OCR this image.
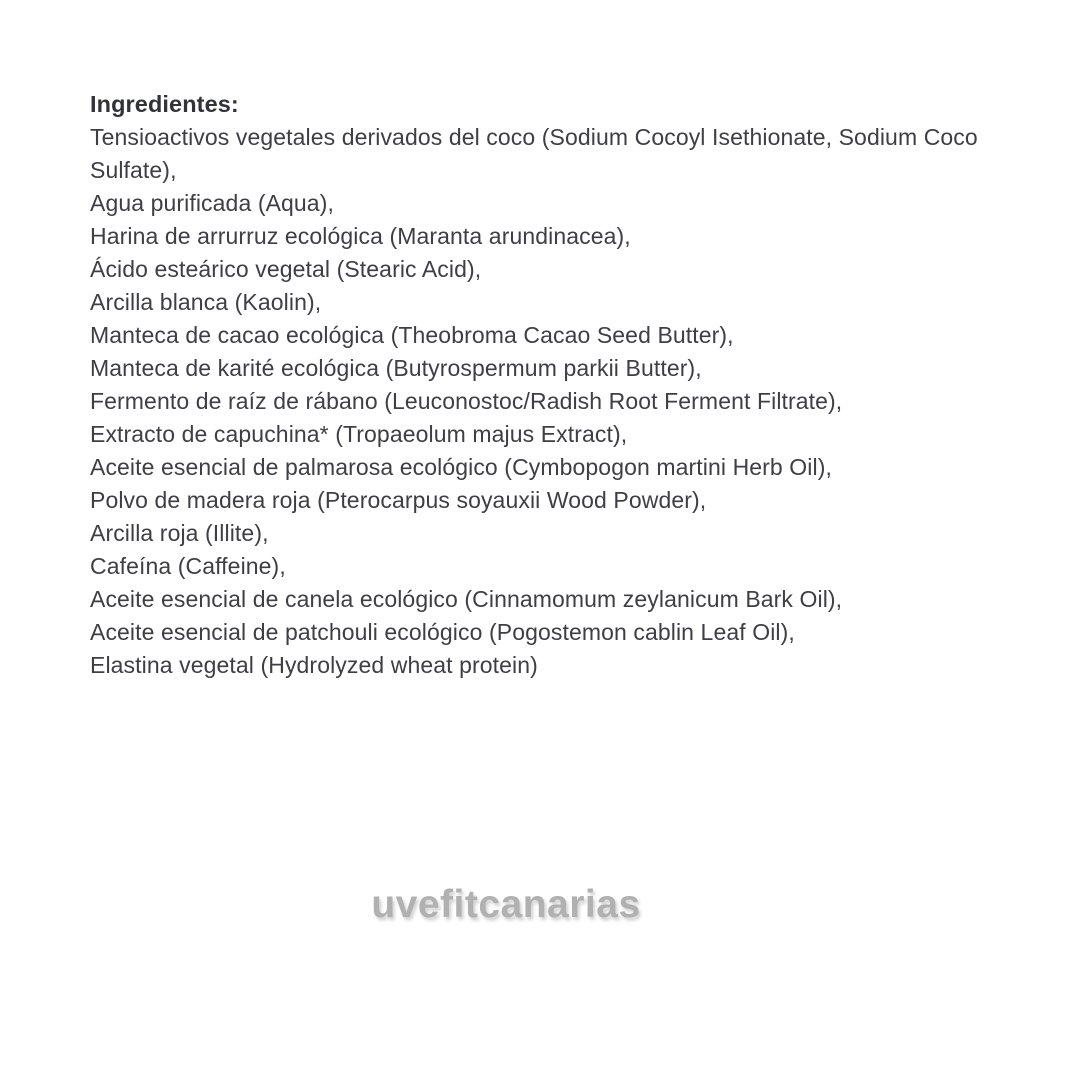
Ingredientes:
Tensioactivos vegetales derivados del coco (Sodium Cocoyl Isethionate, Sodium Coco
Sulfate),
Agua purificada (Aqua),
Harina de arrurruz ecológica (Maranta arundinacea),
Ácido esteárico vegetal (Stearic Acid),
Arcilla blanca (Kaolin),
Manteca de cacao ecológica (Theobroma Cacao Seed Butter),
Manteca de karité ecológica (Butyrospermum parkii Butter),
Fermento de raíz de rábano (Leuconostoc/Radish Root Ferment Filtrate),
Extracto de capuchina* (Tropaeolum majus Extract),
Aceite esencial de palmarosa ecológico (Cymbopogon martini Herb Oil),
Polvo de madera roja (Pterocarpus soyauxii Wood Powder),
Arcilla roja (Illite),
Cafeína (Caffeine),
Aceite esencial de canela ecológico (Cinnamomum zeylanicum Bark Oil),
Aceite esencial de patchouli ecológico (Pogostemon cablin Leaf Oil),
Elastina vegetal (Hydrolyzed wheat protein)
uvefitcanarias
